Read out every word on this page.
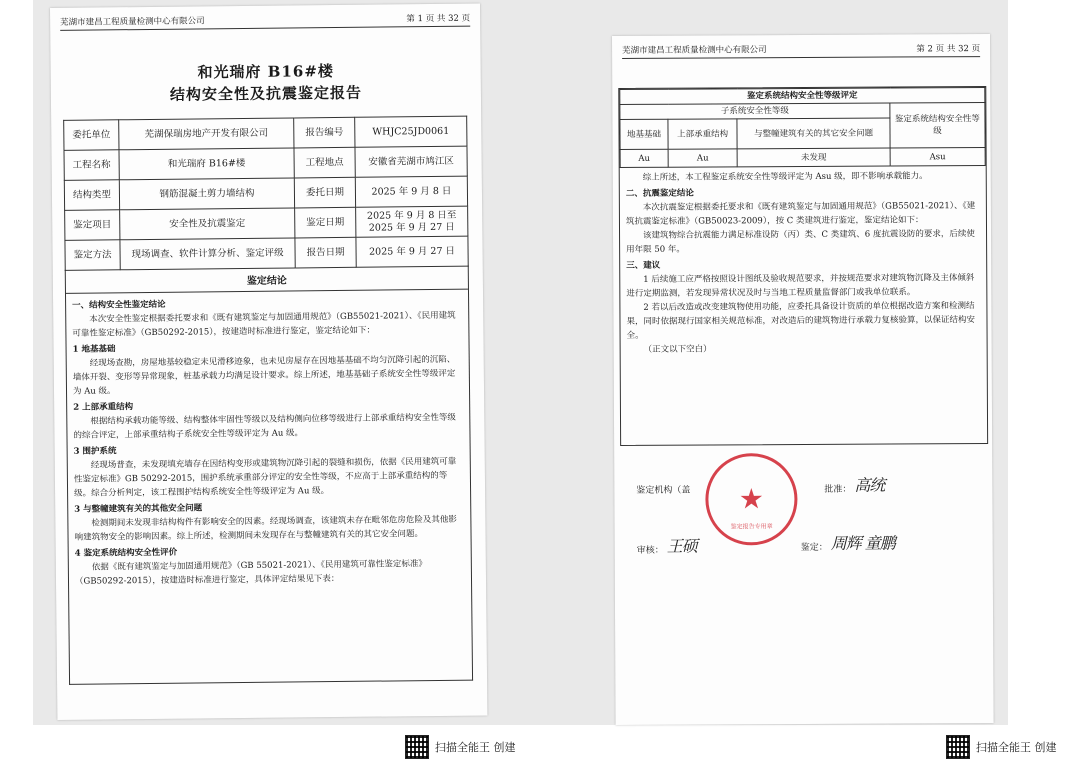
芜湖市建昌工程质量检测中心有限公司	第 1 页 共 32 页
和光瑞府 B16#楼
结构安全性及抗震鉴定报告
委托单位	芜湖保瑞房地产开发有限公司	报告编号	WHJC25JD0061
工程名称	和光瑞府 B16#楼	工程地点	安徽省芜湖市鸠江区
结构类型	钢筋混凝土剪力墙结构	委托日期	2025 年 9 月 8 日
鉴定项目	安全性及抗震鉴定	鉴定日期	2025 年 9 月 8 日至 2025 年 9 月 27 日
鉴定方法	现场调查、软件计算分析、鉴定评级	报告日期	2025 年 9 月 27 日
鉴定结论
一、结构安全性鉴定结论
本次安全性鉴定根据委托要求和《既有建筑鉴定与加固通用规范》（GB55021-2021）、《民用建筑可靠性鉴定标准》（GB50292-2015），按建造时标准进行鉴定，鉴定结论如下：
1 地基基础
经现场查勘，房屋地基较稳定未见滑移迹象，也未见房屋存在因地基基础不均匀沉降引起的沉陷、墙体开裂、变形等异常现象，桩基承载力均满足设计要求。综上所述，地基基础子系统安全性等级评定为 Au 级。
2 上部承重结构
根据结构承载功能等级、结构整体牢固性等级以及结构侧向位移等级进行上部承重结构安全性等级的综合评定，上部承重结构子系统安全性等级评定为 Au 级。
3 围护系统
经现场普查，未发现填充墙存在因结构变形或建筑物沉降引起的裂缝和损伤，依据《民用建筑可靠性鉴定标准》GB 50292-2015，围护系统承重部分评定的安全性等级，不应高于上部承重结构的等级。综合分析判定，该工程围护结构系统安全性等级评定为 Au 级。
3 与整幢建筑有关的其他安全问题
检测期间未发现非结构构件有影响安全的因素。经现场调查，该建筑未存在毗邻危房危险及其他影响建筑物安全的影响因素。综上所述，检测期间未发现存在与整幢建筑有关的其它安全问题。
4 鉴定系统结构安全性评价
依据《既有建筑鉴定与加固通用规范》（GB 55021-2021）、《民用建筑可靠性鉴定标准》（GB50292-2015），按建造时标准进行鉴定，具体评定结果见下表：
芜湖市建昌工程质量检测中心有限公司	第 2 页 共 32 页
鉴定系统结构安全性等级评定			
子系统安全性等级			鉴定系统结构安全性等级
地基基础	上部承重结构	与整幢建筑有关的其它安全问题	
Au	Au	未发现	Asu
综上所述，本工程鉴定系统安全性等级评定为 Asu 级，即不影响承载能力。
二、抗震鉴定结论
本次抗震鉴定根据委托要求和《既有建筑鉴定与加固通用规范》（GB55021-2021）、《建筑抗震鉴定标准》（GB50023-2009），按 C 类建筑进行鉴定，鉴定结论如下：
该建筑物综合抗震能力满足标准设防（丙）类、C 类建筑、6 度抗震设防的要求，后续使用年限 50 年。
三、建议
1 后续施工应严格按照设计图纸及验收规范要求，并按规范要求对建筑物沉降及主体倾斜进行定期监测，若发现异常状况及时与当地工程质量监督部门或我单位联系。
2 若以后改造或改变建筑物使用功能，应委托具备设计资质的单位根据改造方案和检测结果，同时依据现行国家相关规范标准，对改造后的建筑物进行承载力复核验算，以保证结构安全。
（正文以下空白）
鉴定机构（盖 ★
鉴定报告专用章
批准： 高统
审核： 王硕	鉴定： 周辉 童鹏
扫描全能王 创建	扫描全能王 创建
